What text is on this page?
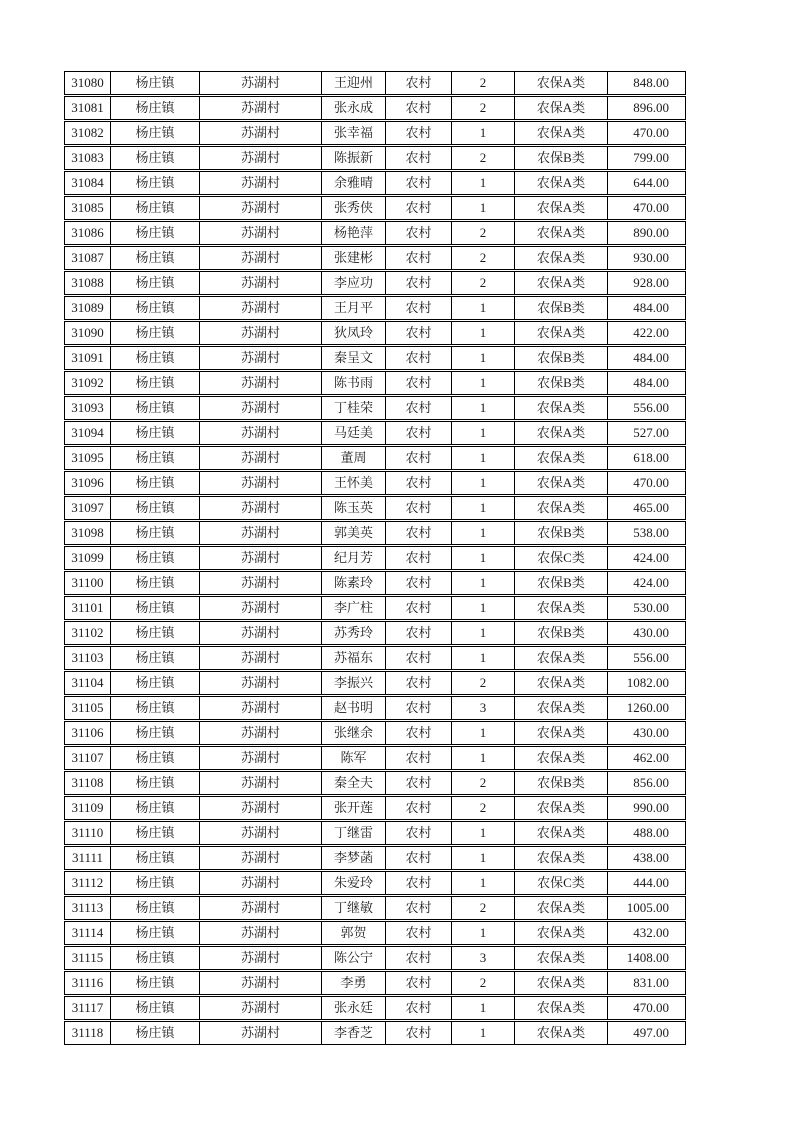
31080	杨庄镇	苏湖村	王迎州	农村	2	农保A类	848.00
31081	杨庄镇	苏湖村	张永成	农村	2	农保A类	896.00
31082	杨庄镇	苏湖村	张幸福	农村	1	农保A类	470.00
31083	杨庄镇	苏湖村	陈振新	农村	2	农保B类	799.00
31084	杨庄镇	苏湖村	余雅晴	农村	1	农保A类	644.00
31085	杨庄镇	苏湖村	张秀侠	农村	1	农保A类	470.00
31086	杨庄镇	苏湖村	杨艳萍	农村	2	农保A类	890.00
31087	杨庄镇	苏湖村	张建彬	农村	2	农保A类	930.00
31088	杨庄镇	苏湖村	李应功	农村	2	农保A类	928.00
31089	杨庄镇	苏湖村	王月平	农村	1	农保B类	484.00
31090	杨庄镇	苏湖村	狄凤玲	农村	1	农保A类	422.00
31091	杨庄镇	苏湖村	秦呈文	农村	1	农保B类	484.00
31092	杨庄镇	苏湖村	陈书雨	农村	1	农保B类	484.00
31093	杨庄镇	苏湖村	丁桂荣	农村	1	农保A类	556.00
31094	杨庄镇	苏湖村	马廷美	农村	1	农保A类	527.00
31095	杨庄镇	苏湖村	董周	农村	1	农保A类	618.00
31096	杨庄镇	苏湖村	王怀美	农村	1	农保A类	470.00
31097	杨庄镇	苏湖村	陈玉英	农村	1	农保A类	465.00
31098	杨庄镇	苏湖村	郭美英	农村	1	农保B类	538.00
31099	杨庄镇	苏湖村	纪月芳	农村	1	农保C类	424.00
31100	杨庄镇	苏湖村	陈素玲	农村	1	农保B类	424.00
31101	杨庄镇	苏湖村	李广柱	农村	1	农保A类	530.00
31102	杨庄镇	苏湖村	苏秀玲	农村	1	农保B类	430.00
31103	杨庄镇	苏湖村	苏福东	农村	1	农保A类	556.00
31104	杨庄镇	苏湖村	李振兴	农村	2	农保A类	1082.00
31105	杨庄镇	苏湖村	赵书明	农村	3	农保A类	1260.00
31106	杨庄镇	苏湖村	张继余	农村	1	农保A类	430.00
31107	杨庄镇	苏湖村	陈军	农村	1	农保A类	462.00
31108	杨庄镇	苏湖村	秦全夫	农村	2	农保B类	856.00
31109	杨庄镇	苏湖村	张开莲	农村	2	农保A类	990.00
31110	杨庄镇	苏湖村	丁继雷	农村	1	农保A类	488.00
31111	杨庄镇	苏湖村	李梦菡	农村	1	农保A类	438.00
31112	杨庄镇	苏湖村	朱爱玲	农村	1	农保C类	444.00
31113	杨庄镇	苏湖村	丁继敏	农村	2	农保A类	1005.00
31114	杨庄镇	苏湖村	郭贺	农村	1	农保A类	432.00
31115	杨庄镇	苏湖村	陈公宁	农村	3	农保A类	1408.00
31116	杨庄镇	苏湖村	李勇	农村	2	农保A类	831.00
31117	杨庄镇	苏湖村	张永廷	农村	1	农保A类	470.00
31118	杨庄镇	苏湖村	李香芝	农村	1	农保A类	497.00
